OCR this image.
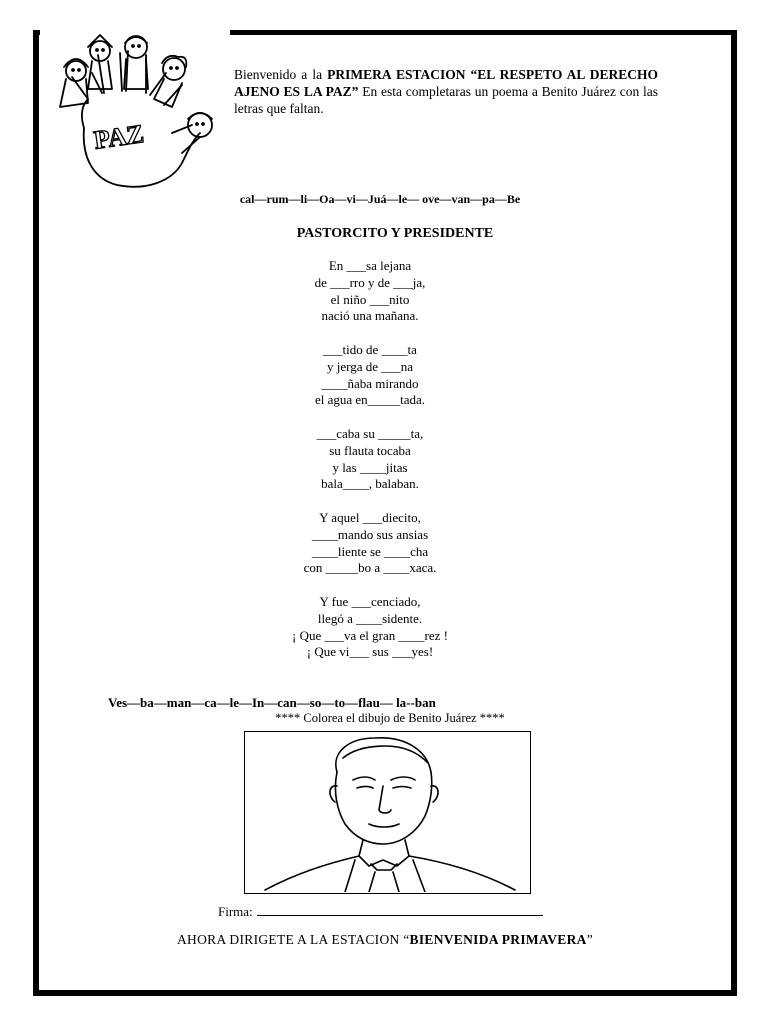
PAZ
Bienvenido a la PRIMERA ESTACION “EL RESPETO AL DERECHO AJENO ES LA PAZ” En esta completaras un poema a Benito Juárez con las letras que faltan.
cal—rum—li—Oa—vi—Juá—le— ove—van—pa—Be
PASTORCITO Y PRESIDENTE
En ___sa lejana
de ___rro y de ___ja,
el niño ___nito
nació una mañana.
___tido de ____ta
y jerga de ___na
____ñaba mirando
el agua en_____tada.
___caba su _____ta,
su flauta tocaba
y las ____jitas
bala____, balaban.
Y aquel ___diecito,
____mando sus ansias
____liente se ____cha
con _____bo a ____xaca.
Y fue ___cenciado,
llegó a ____sidente.
¡ Que ___va el gran ____rez !
¡ Que vi___ sus ___yes!
Ves—ba—man—ca—le—In—can—so—to—flau— la--ban
**** Colorea el dibujo de Benito Juárez ****
Firma:
AHORA DIRIGETE A LA ESTACION “BIENVENIDA PRIMAVERA”
